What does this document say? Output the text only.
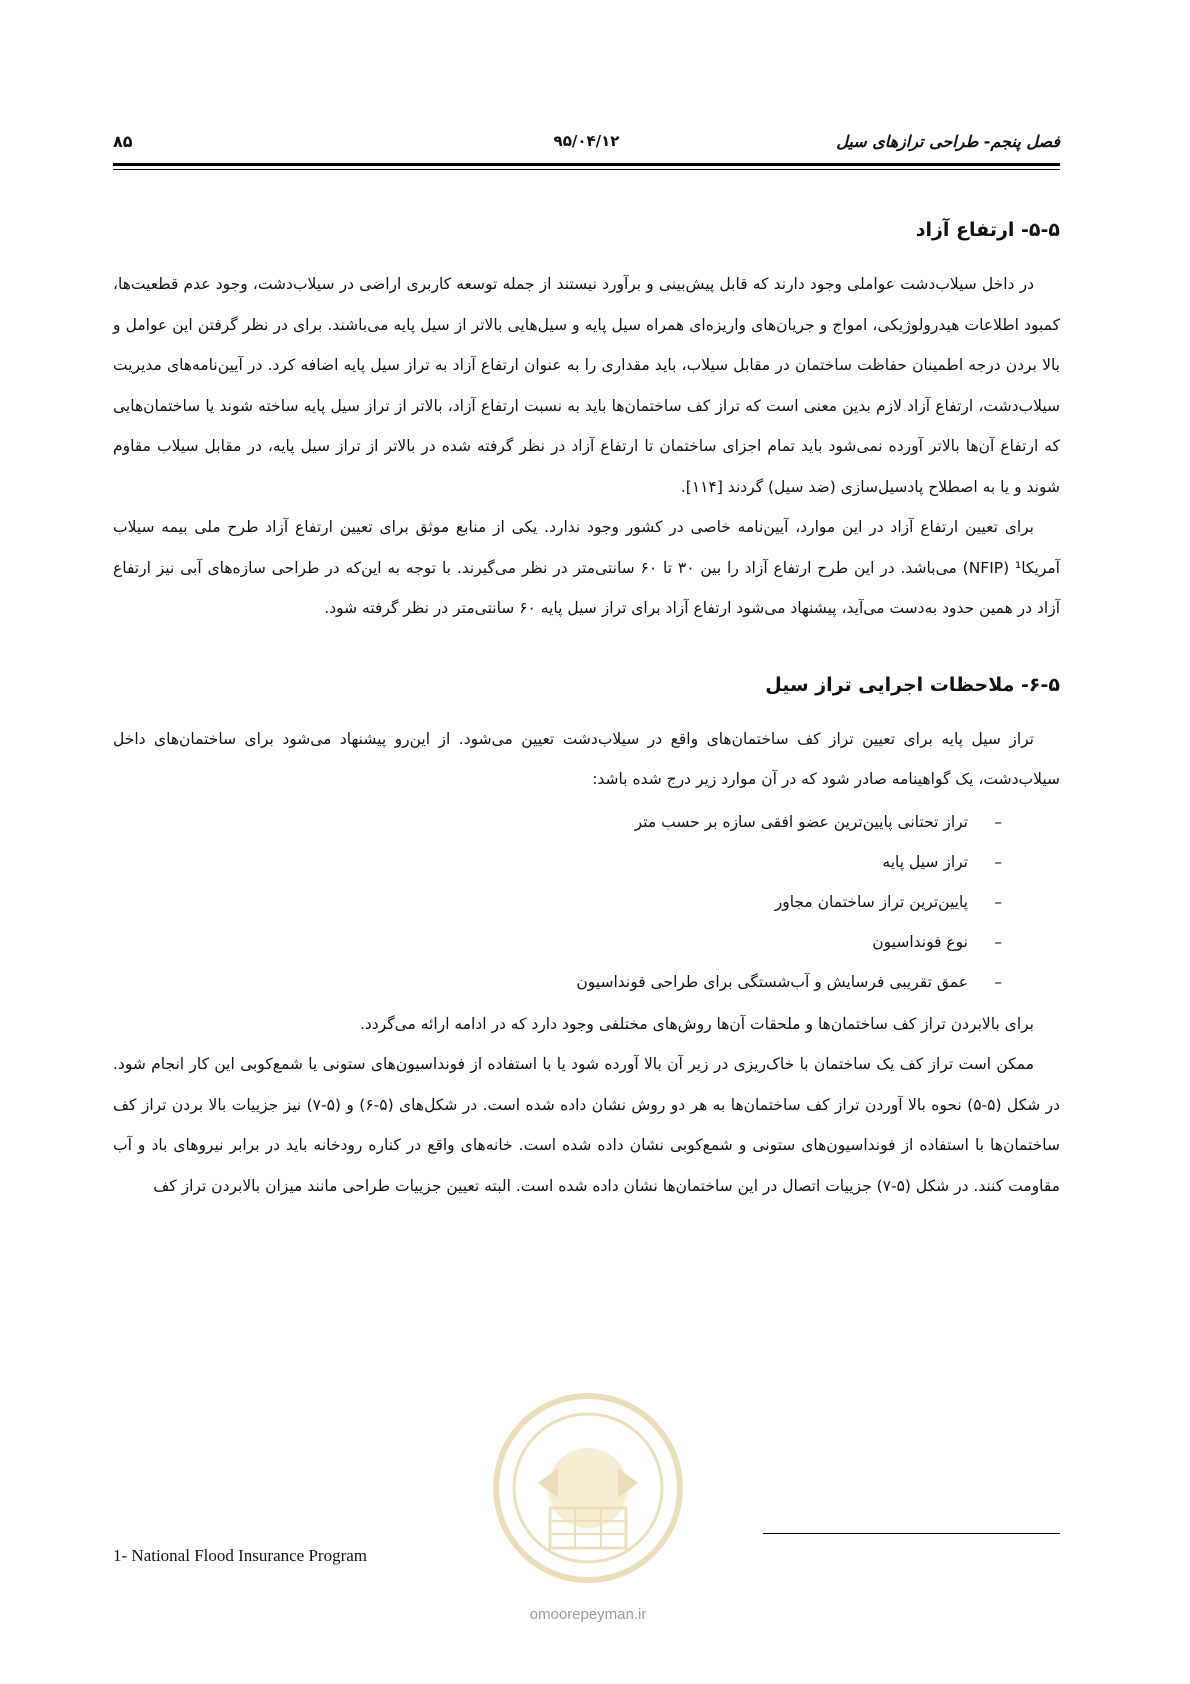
فصل پنجم- طراحی ترازهای سیل
۹۵/۰۴/۱۲
۸۵
۵-۵- ارتفاع آزاد

در داخل سیلاب‌دشت عواملی وجود دارند که قابل پیش‌بینی و برآورد نیستند از جمله توسعه کاربری اراضی در سیلاب‌دشت، وجود عدم قطعیت‌ها، کمبود اطلاعات هیدرولوژیکی، امواج و جریان‌های واریزه‌ای همراه سیل پایه و سیل‌هایی بالاتر از سیل پایه می‌باشند. برای در نظر گرفتن این عوامل و بالا بردن درجه اطمینان حفاظت ساختمان در مقابل سیلاب، باید مقداری را به عنوان ارتفاع آزاد به تراز سیل پایه اضافه کرد. در آیین‌نامه‌های مدیریت سیلاب‌دشت، ارتفاع آزاد لازم بدین معنی است که تراز کف ساختمان‌ها باید به نسبت ارتفاع آزاد، بالاتر از تراز سیل پایه ساخته شوند یا ساختمان‌هایی که ارتفاع آن‌ها بالاتر آورده نمی‌شود باید تمام اجزای ساختمان تا ارتفاع آزاد در نظر گرفته شده در بالاتر از تراز سیل پایه، در مقابل سیلاب مقاوم شوند و یا به اصطلاح پادسیل‌سازی (ضد سیل) گردند [۱۱۴].

برای تعیین ارتفاع آزاد در این موارد، آیین‌نامه خاصی در کشور وجود ندارد. یکی از منابع موثق برای تعیین ارتفاع آزاد طرح ملی بیمه سیلاب آمریکا¹ (NFIP) می‌باشد. در این طرح ارتفاع آزاد را بین ۳۰ تا ۶۰ سانتی‌متر در نظر می‌گیرند. با توجه به این‌که در طراحی سازه‌های آبی نیز ارتفاع آزاد در همین حدود به‌دست می‌آید، پیشنهاد می‌شود ارتفاع آزاد برای تراز سیل پایه ۶۰ سانتی‌متر در نظر گرفته شود.

۶-۵- ملاحظات اجرایی تراز سیل

تراز سیل پایه برای تعیین تراز کف ساختمان‌های واقع در سیلاب‌دشت تعیین می‌شود. از این‌رو پیشنهاد می‌شود برای ساختمان‌های داخل سیلاب‌دشت، یک گواهینامه صادر شود که در آن موارد زیر درج شده باشد:

–تراز تحتانی پایین‌ترین عضو افقی سازه بر حسب متر
–تراز سیل پایه
–پایین‌ترین تراز ساختمان مجاور
–نوع فونداسیون
–عمق تقریبی فرسایش و آب‌شستگی برای طراحی فونداسیون

برای بالابردن تراز کف ساختمان‌ها و ملحقات آن‌ها روش‌های مختلفی وجود دارد که در ادامه ارائه می‌گردد.

ممکن است تراز کف یک ساختمان با خاک‌ریزی در زیر آن بالا آورده شود یا با استفاده از فونداسیون‌های ستونی یا شمع‌کوبی این کار انجام شود. در شکل (۵-۵) نحوه بالا آوردن تراز کف ساختمان‌ها به هر دو روش نشان داده شده است. در شکل‌های (۵-۶) و (۵-۷) نیز جزییات بالا بردن تراز کف ساختمان‌ها با استفاده از فونداسیون‌های ستونی و شمع‌کوبی نشان داده شده است. خانه‌های واقع در کناره رودخانه باید در برابر نیروهای باد و آب مقاومت کنند. در شکل (۵-۷) جزییات اتصال در این ساختمان‌ها نشان داده شده است. البته تعیین جزییات طراحی مانند میزان بالابردن تراز کف

1- National Flood Insurance Program
omoorepeyman.ir
